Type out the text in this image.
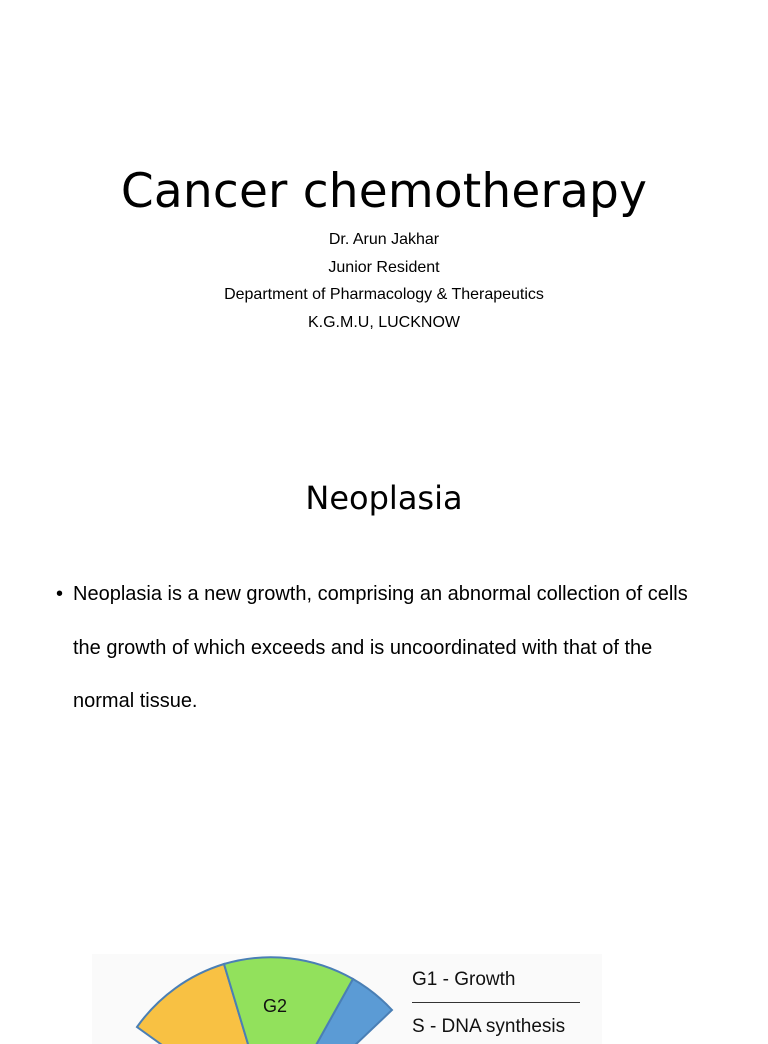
Cancer chemotherapy
Dr. Arun Jakhar
Junior Resident
Department of Pharmacology & Therapeutics
K.G.M.U, LUCKNOW
Neoplasia
• Neoplasia is a new growth, comprising an abnormal collection of cells the growth of which exceeds and is uncoordinated with that of the normal tissue.
G2
G1 - Growth
S - DNA synthesis
